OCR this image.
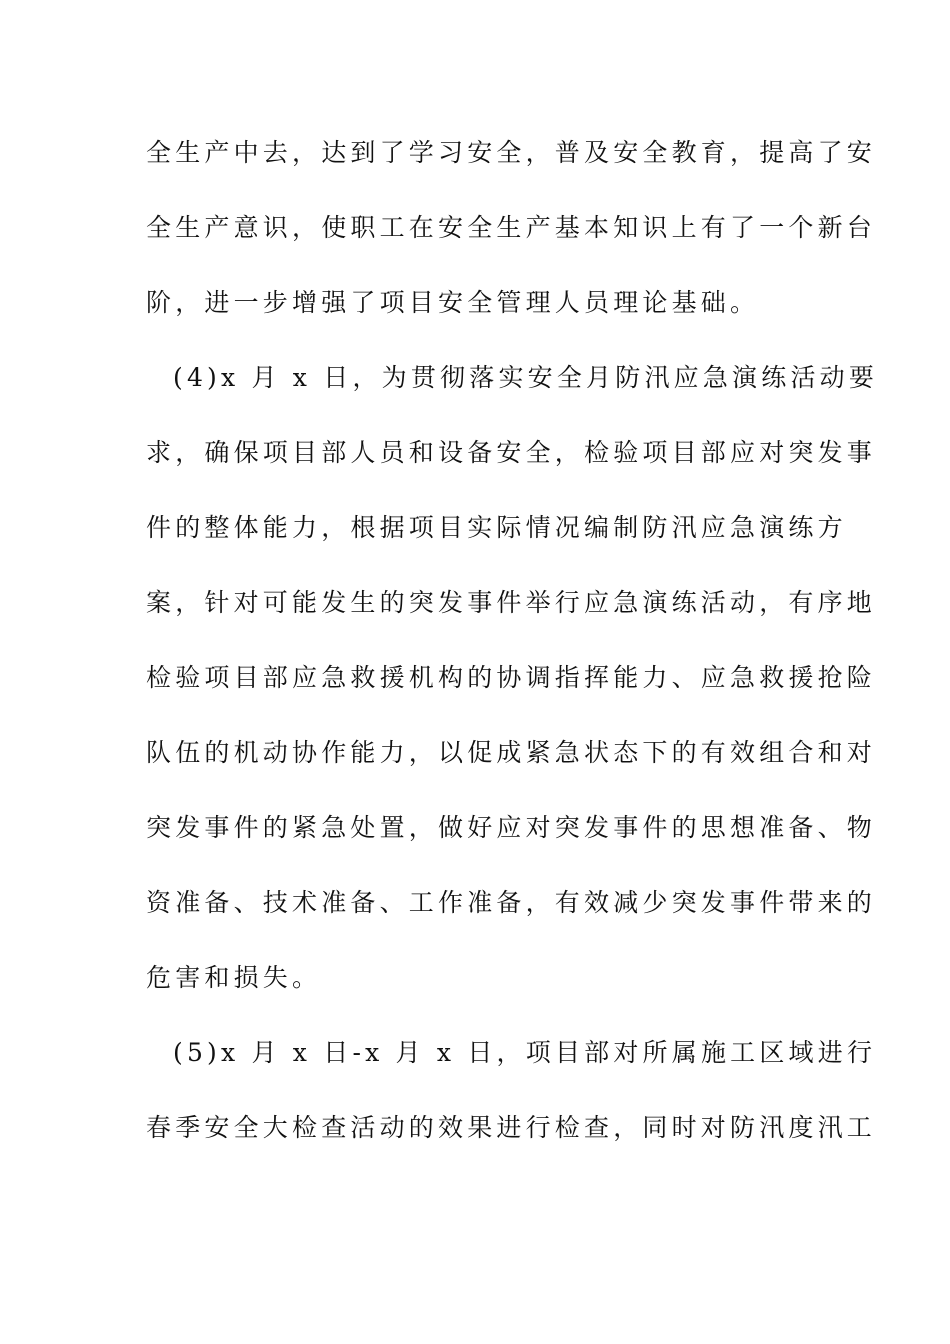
全生产中去，达到了学习安全，普及安全教育，提高了安
全生产意识，使职工在安全生产基本知识上有了一个新台
阶，进一步增强了项目安全管理人员理论基础。
(4)x 月 x 日，为贯彻落实安全月防汛应急演练活动要
求，确保项目部人员和设备安全，检验项目部应对突发事
件的整体能力，根据项目实际情况编制防汛应急演练方
案，针对可能发生的突发事件举行应急演练活动，有序地
检验项目部应急救援机构的协调指挥能力、应急救援抢险
队伍的机动协作能力，以促成紧急状态下的有效组合和对
突发事件的紧急处置，做好应对突发事件的思想准备、物
资准备、技术准备、工作准备，有效减少突发事件带来的
危害和损失。
(5)x 月 x 日-x 月 x 日，项目部对所属施工区域进行
春季安全大检查活动的效果进行检查，同时对防汛度汛工
